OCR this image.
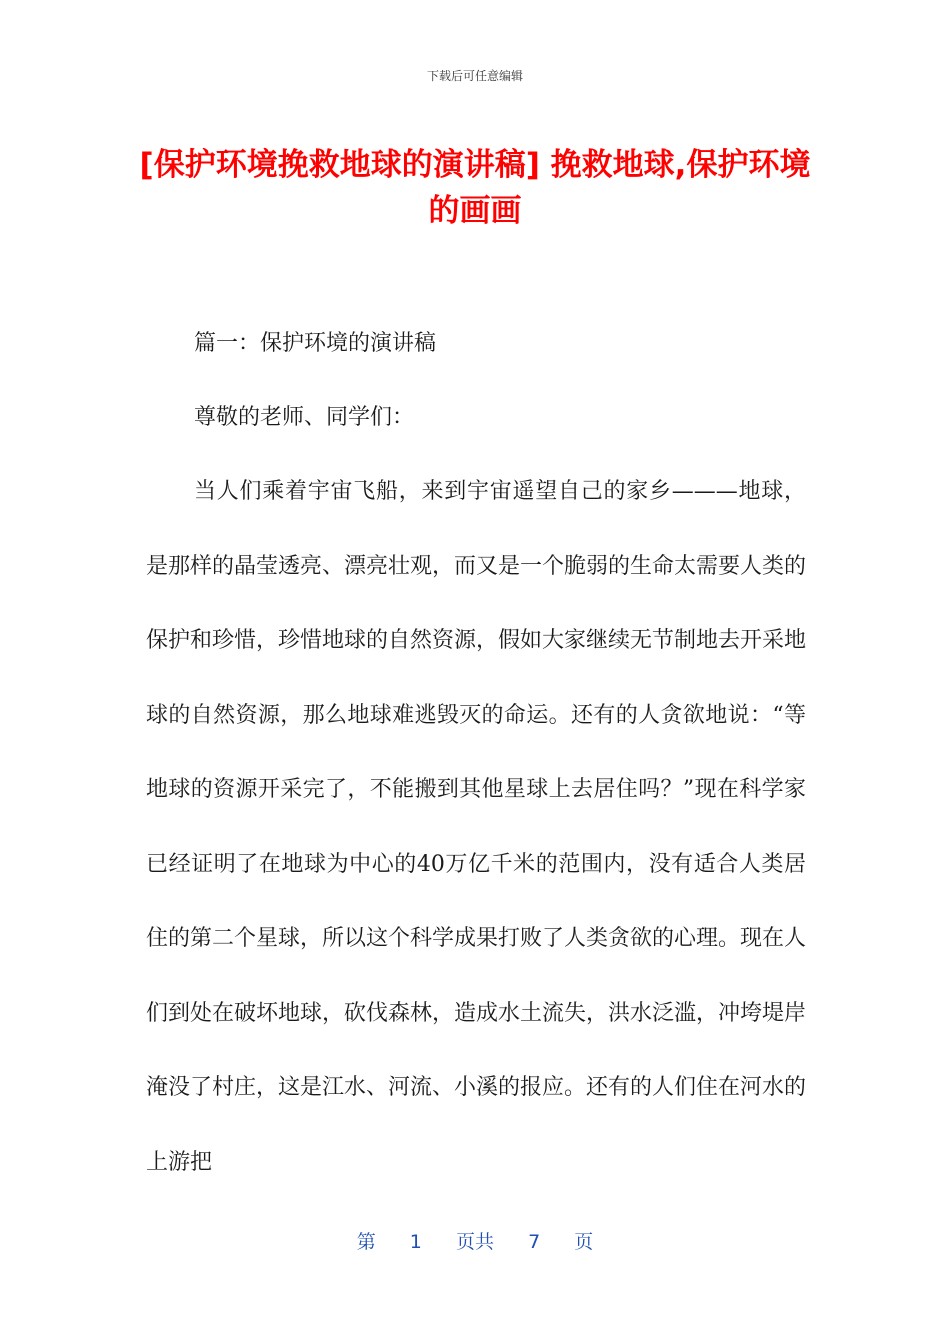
下载后可任意编辑
[保护环境挽救地球的演讲稿] 挽救地球,保护环境的画画
篇一：保护环境的演讲稿
尊敬的老师、同学们：
当人们乘着宇宙飞船，来到宇宙遥望自己的家乡———地球，是那样的晶莹透亮、漂亮壮观，而又是一个脆弱的生命太需要人类的保护和珍惜，珍惜地球的自然资源，假如大家继续无节制地去开采地球的自然资源，那么地球难逃毁灭的命运。还有的人贪欲地说：“等地球的资源开采完了，不能搬到其他星球上去居住吗？”现在科学家已经证明了在地球为中心的40万亿千米的范围内，没有适合人类居住的第二个星球，所以这个科学成果打败了人类贪欲的心理。现在人们到处在破坏地球，砍伐森林，造成水土流失，洪水泛滥，冲垮堤岸淹没了村庄，这是江水、河流、小溪的报应。还有的人们住在河水的上游把
第 1 页共 7 页
